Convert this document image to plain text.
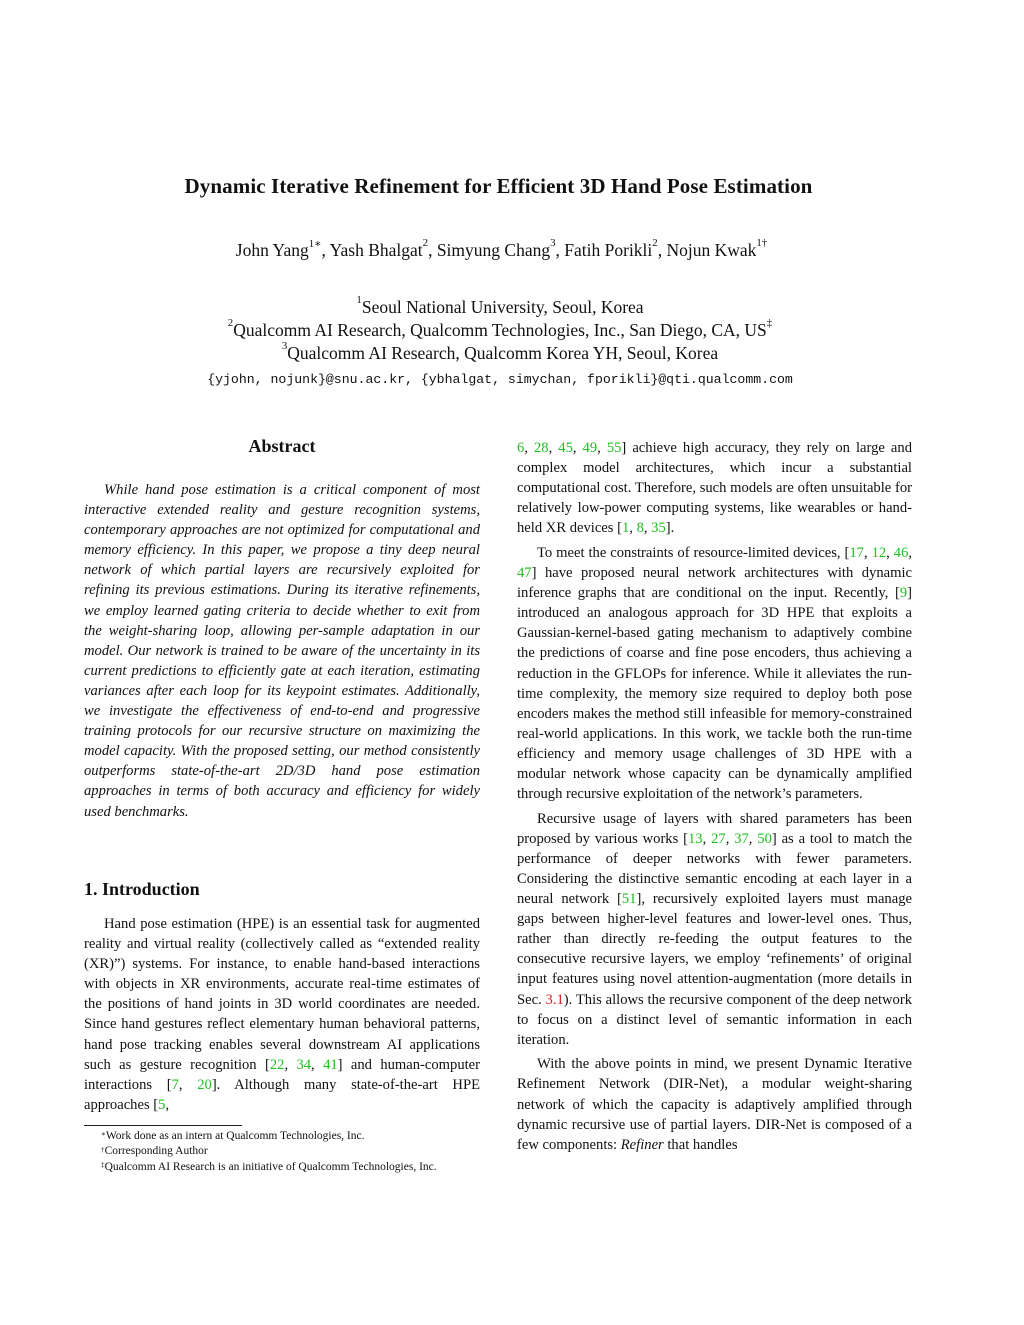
Dynamic Iterative Refinement for Efficient 3D Hand Pose Estimation
John Yang$^{1∗}$, Yash Bhalgat$^2$, Simyung Chang$^3$, Fatih Porikli$^2$, Nojun Kwak$^{1\dagger}$
$^1$Seoul National University, Seoul, Korea
$^2$Qualcomm AI Research, Qualcomm Technologies, Inc., San Diego, CA, US‡
$^3$Qualcomm AI Research, Qualcomm Korea YH, Seoul, Korea
{yjohn, nojunk}@snu.ac.kr, {ybhalgat, simychan, fporikli}@qti.qualcomm.com
Abstract
While hand pose estimation is a critical component of most interactive extended reality and gesture recognition systems, contemporary approaches are not optimized for computational and memory efficiency. In this paper, we propose a tiny deep neural network of which partial layers are recursively exploited for refining its previous estimations. During its iterative refinements, we employ learned gating criteria to decide whether to exit from the weight-sharing loop, allowing per-sample adaptation in our model. Our network is trained to be aware of the uncertainty in its current predictions to efficiently gate at each iteration, estimating variances after each loop for its keypoint estimates. Additionally, we investigate the effectiveness of end-to-end and progressive training protocols for our recursive structure on maximizing the model capacity. With the proposed setting, our method consistently outperforms state-of-the-art 2D/3D hand pose estimation approaches in terms of both accuracy and efficiency for widely used benchmarks.
1. Introduction

Hand pose estimation (HPE) is an essential task for augmented reality and virtual reality (collectively called as “extended reality (XR)”) systems. For instance, to enable hand-based interactions with objects in XR environments, accurate real-time estimates of the positions of hand joints in 3D world coordinates are needed. Since hand gestures reflect elementary human behavioral patterns, hand pose tracking enables several downstream AI applications such as gesture recognition [22, 34, 41] and human-computer interactions [7, 20]. Although many state-of-the-art HPE approaches [5,

6, 28, 45, 49, 55] achieve high accuracy, they rely on large and complex model architectures, which incur a substantial computational cost. Therefore, such models are often unsuitable for relatively low-power computing systems, like wearables or hand-held XR devices [1, 8, 35].

To meet the constraints of resource-limited devices, [17, 12, 46, 47] have proposed neural network architectures with dynamic inference graphs that are conditional on the input. Recently, [9] introduced an analogous approach for 3D HPE that exploits a Gaussian-kernel-based gating mechanism to adaptively combine the predictions of coarse and fine pose encoders, thus achieving a reduction in the GFLOPs for inference. While it alleviates the run-time complexity, the memory size required to deploy both pose encoders makes the method still infeasible for memory-constrained real-world applications. In this work, we tackle both the run-time efficiency and memory usage challenges of 3D HPE with a modular network whose capacity can be dynamically amplified through recursive exploitation of the network’s parameters.

Recursive usage of layers with shared parameters has been proposed by various works [13, 27, 37, 50] as a tool to match the performance of deeper networks with fewer parameters. Considering the distinctive semantic encoding at each layer in a neural network [51], recursively exploited layers must manage gaps between higher-level features and lower-level ones. Thus, rather than directly re-feeding the output features to the consecutive recursive layers, we employ ‘refinements’ of original input features using novel attention-augmentation (more details in Sec. 3.1). This allows the recursive component of the deep network to focus on a distinct level of semantic information in each iteration.

With the above points in mind, we present Dynamic Iterative Refinement Network (DIR-Net), a modular weight-sharing network of which the capacity is adaptively amplified through dynamic recursive use of partial layers. DIR-Net is composed of a few components: Refiner that handles

∗Work done as an intern at Qualcomm Technologies, Inc.
†Corresponding Author
‡Qualcomm AI Research is an initiative of Qualcomm Technologies, Inc.
